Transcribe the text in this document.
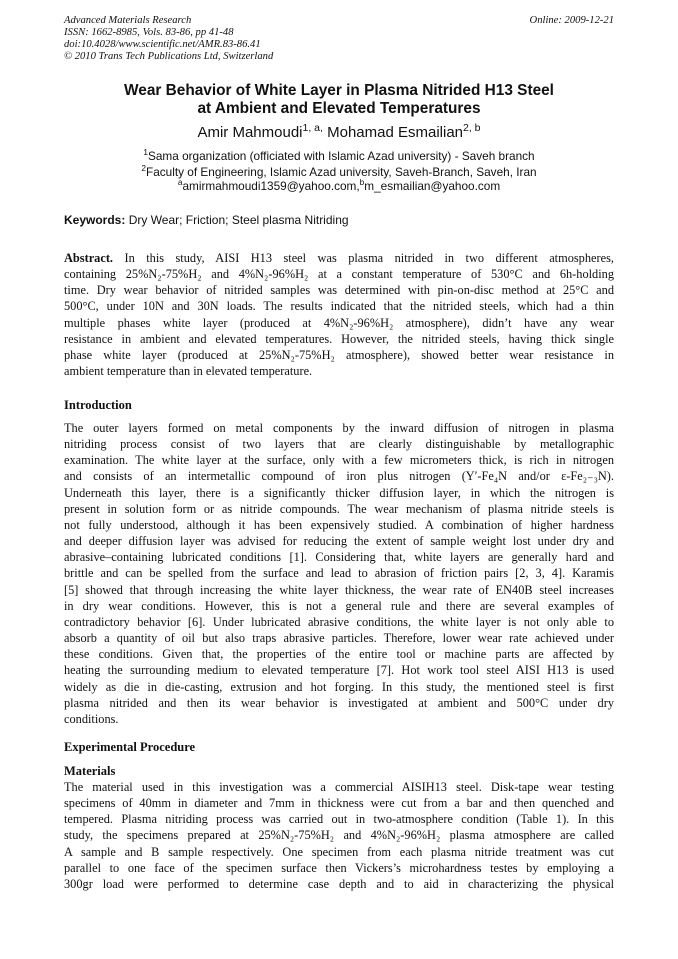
Advanced Materials Research
ISSN: 1662-8985, Vols. 83-86, pp 41-48
doi:10.4028/www.scientific.net/AMR.83-86.41
© 2010 Trans Tech Publications Ltd, Switzerland
Online: 2009-12-21
Wear Behavior of White Layer in Plasma Nitrided H13 Steel
at Ambient and Elevated Temperatures
Amir Mahmoudi$^{1, a,}$ Mohamad Esmailian$^{2, b}$
$^1$Sama organization (officiated with Islamic Azad university) - Saveh branch
$^2$Faculty of Engineering, Islamic Azad university, Saveh-Branch, Saveh, Iran
$^a$amirmahmoudi1359@yahoo.com,$^b$m_esmailian@yahoo.com
Keywords: Dry Wear; Friction; Steel plasma Nitriding
Abstract. In this study, AISI H13 steel was plasma nitrided in two different atmospheres,
containing 25%N₂-75%H₂ and 4%N₂-96%H₂ at a constant temperature of 530°C and 6h-holding
time. Dry wear behavior of nitrided samples was determined with pin-on-disc method at 25°C and
500°C, under 10N and 30N loads. The results indicated that the nitrided steels, which had a thin
multiple phases white layer (produced at 4%N₂-96%H₂ atmosphere), didn’t have any wear
resistance in ambient and elevated temperatures. However, the nitrided steels, having thick single
phase white layer (produced at 25%N₂-75%H₂ atmosphere), showed better wear resistance in
ambient temperature than in elevated temperature.
Introduction
The outer layers formed on metal components by the inward diffusion of nitrogen in plasma
nitriding process consist of two layers that are clearly distinguishable by metallographic
examination. The white layer at the surface, only with a few micrometers thick, is rich in nitrogen
and consists of an intermetallic compound of iron plus nitrogen (Υ′-Fe₄N and/or ε-Fe₂₋₃N).
Underneath this layer, there is a significantly thicker diffusion layer, in which the nitrogen is
present in solution form or as nitride compounds. The wear mechanism of plasma nitride steels is
not fully understood, although it has been expensively studied. A combination of higher hardness
and deeper diffusion layer was advised for reducing the extent of sample weight lost under dry and
abrasive–containing lubricated conditions [1]. Considering that, white layers are generally hard and
brittle and can be spelled from the surface and lead to abrasion of friction pairs [2, 3, 4]. Karamis
[5] showed that through increasing the white layer thickness, the wear rate of EN40B steel increases
in dry wear conditions. However, this is not a general rule and there are several examples of
contradictory behavior [6]. Under lubricated abrasive conditions, the white layer is not only able to
absorb a quantity of oil but also traps abrasive particles. Therefore, lower wear rate achieved under
these conditions. Given that, the properties of the entire tool or machine parts are affected by
heating the surrounding medium to elevated temperature [7]. Hot work tool steel AISI H13 is used
widely as die in die-casting, extrusion and hot forging. In this study, the mentioned steel is first
plasma nitrided and then its wear behavior is investigated at ambient and 500°C under dry
conditions.
Experimental Procedure
Materials
The material used in this investigation was a commercial AISIH13 steel. Disk-tape wear testing
specimens of 40mm in diameter and 7mm in thickness were cut from a bar and then quenched and
tempered. Plasma nitriding process was carried out in two-atmosphere condition (Table 1). In this
study, the specimens prepared at 25%N₂-75%H₂ and 4%N₂-96%H₂ plasma atmosphere are called
A sample and B sample respectively. One specimen from each plasma nitride treatment was cut
parallel to one face of the specimen surface then Vickers’s microhardness testes by employing a
300gr load were performed to determine case depth and to aid in characterizing the physical
